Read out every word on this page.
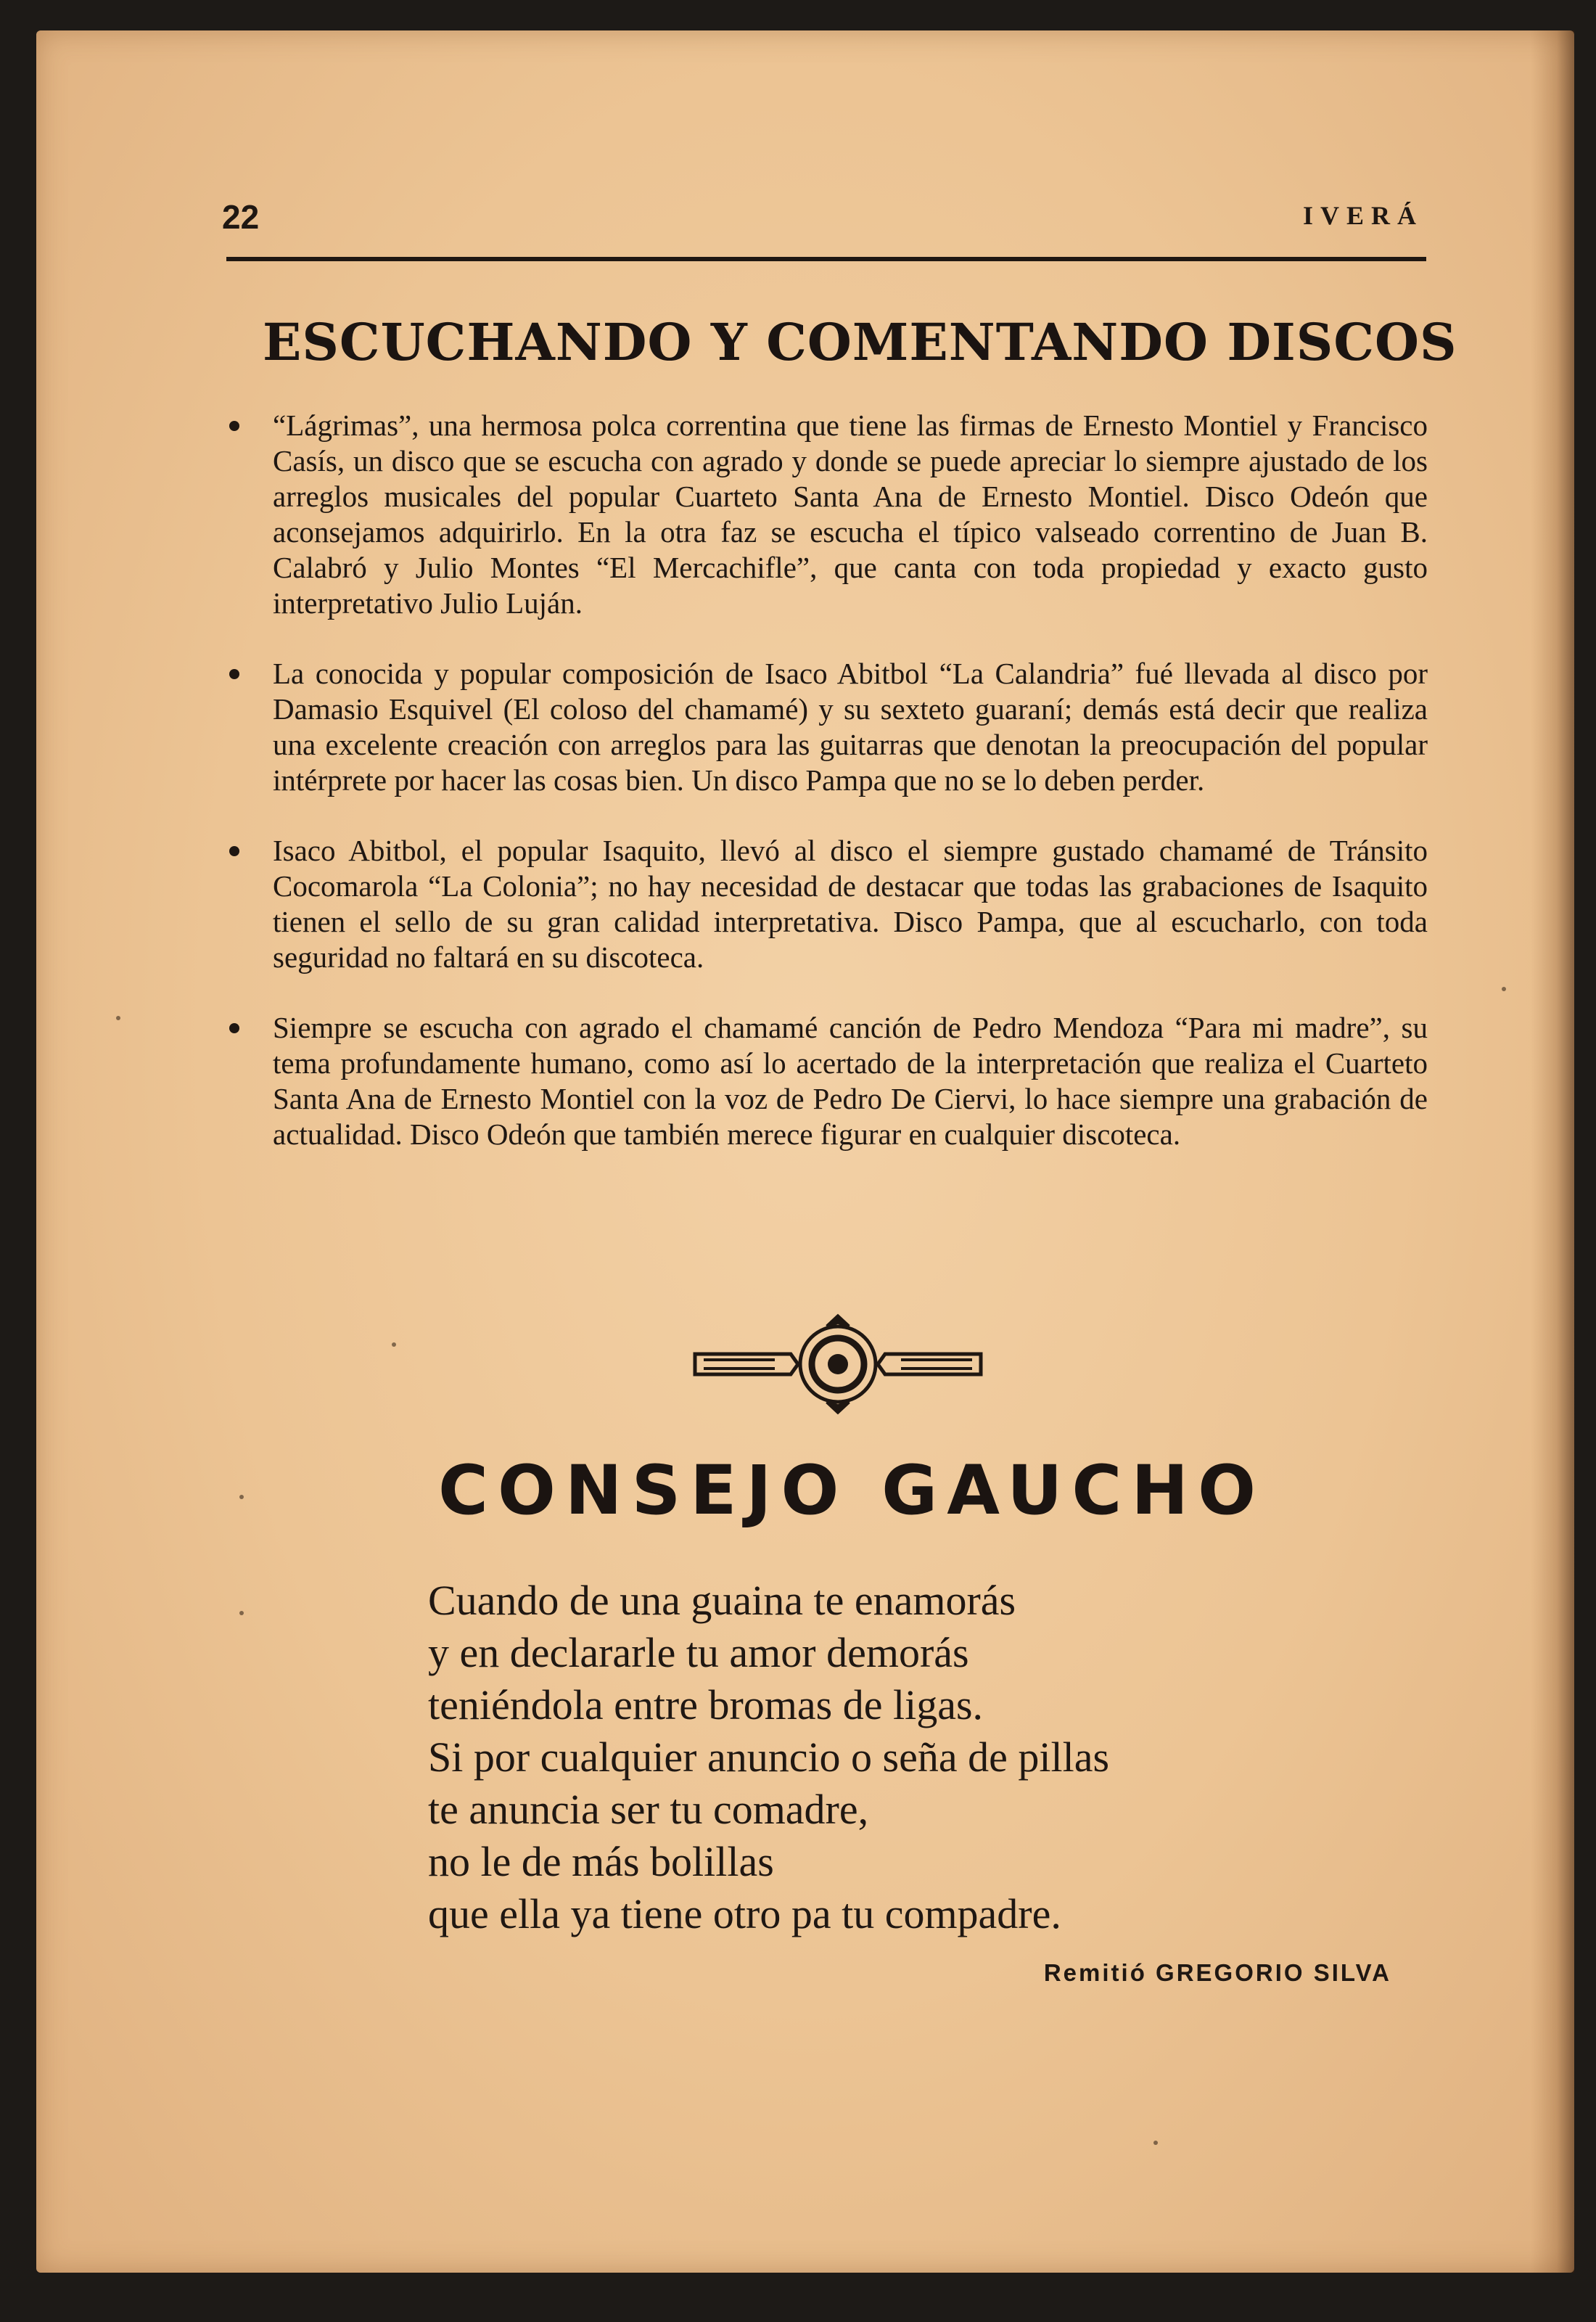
22	IVERÁ
ESCUCHANDO Y COMENTANDO DISCOS
“Lágrimas”, una hermosa polca correntina que tiene las firmas de Ernesto Montiel y Francisco Casís, un disco que se escucha con agrado y donde se puede apreciar lo siempre ajustado de los arreglos musicales del popular Cuarteto Santa Ana de Ernesto Montiel. Disco Odeón que aconsejamos adquirirlo. En la otra faz se escucha el típico valseado correntino de Juan B. Calabró y Julio Montes “El Mercachifle”, que canta con toda propiedad y exacto gusto interpretativo Julio Luján.
La conocida y popular composición de Isaco Abitbol “La Calandria” fué llevada al disco por Damasio Esquivel (El coloso del chamamé) y su sexteto guaraní; demás está decir que realiza una excelente creación con arreglos para las guitarras que denotan la preocupación del popular intérprete por hacer las cosas bien. Un disco Pampa que no se lo deben perder.
Isaco Abitbol, el popular Isaquito, llevó al disco el siempre gustado chamamé de Tránsito Cocomarola “La Colonia”; no hay necesidad de destacar que todas las grabaciones de Isaquito tienen el sello de su gran calidad interpretativa. Disco Pampa, que al escucharlo, con toda seguridad no faltará en su discoteca.
Siempre se escucha con agrado el chamamé canción de Pedro Mendoza “Para mi madre”, su tema profundamente humano, como así lo acertado de la interpretación que realiza el Cuarteto Santa Ana de Ernesto Montiel con la voz de Pedro De Ciervi, lo hace siempre una grabación de actualidad. Disco Odeón que también merece figurar en cualquier discoteca.
CONSEJO GAUCHO
Cuando de una guaina te enamorás
y en declararle tu amor demorás
teniéndola entre bromas de ligas.
Si por cualquier anuncio o seña de pillas
te anuncia ser tu comadre,
no le de más bolillas
que ella ya tiene otro pa tu compadre.
Remitió GREGORIO SILVA
